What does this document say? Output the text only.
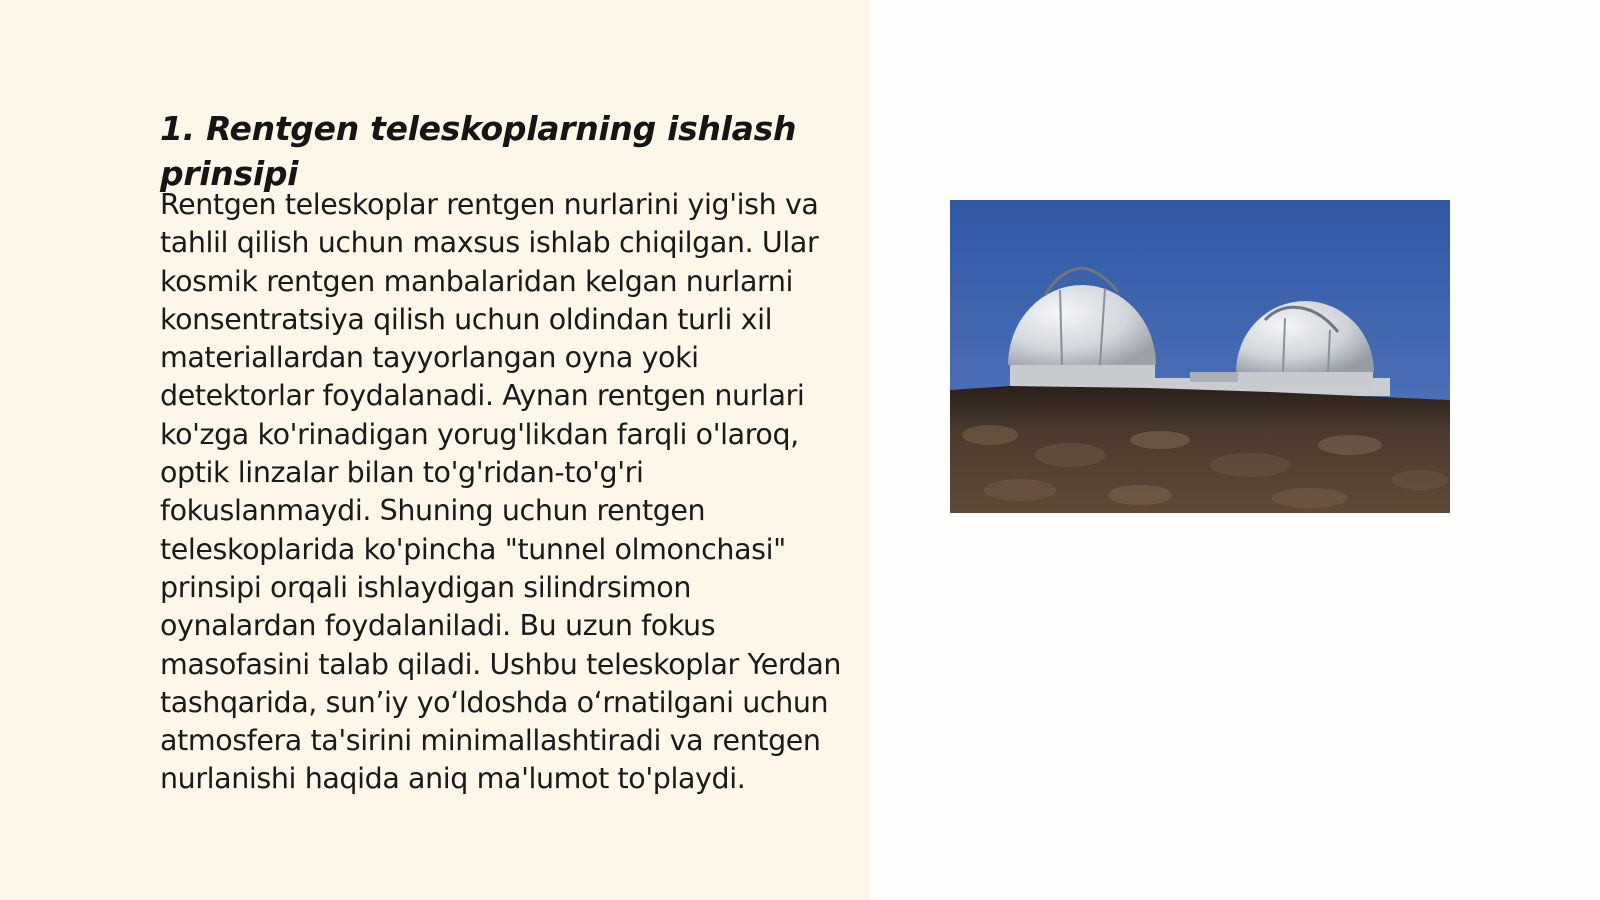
1. Rentgen teleskoplarning ishlash prinsipi

Rentgen teleskoplar rentgen nurlarini yig'ish va tahlil qilish uchun maxsus ishlab chiqilgan. Ular kosmik rentgen manbalaridan kelgan nurlarni konsentratsiya qilish uchun oldindan turli xil materiallardan tayyorlangan oyna yoki detektorlar foydalanadi. Aynan rentgen nurlari ko'zga ko'rinadigan yorug'likdan farqli o'laroq, optik linzalar bilan to'g'ridan-to'g'ri fokuslanmaydi. Shuning uchun rentgen teleskoplarida ko'pincha "tunnel olmonchasi" prinsipi orqali ishlaydigan silindrsimon oynalardan foydalaniladi. Bu uzun fokus masofasini talab qiladi. Ushbu teleskoplar Yerdan tashqarida, sun’iy yo‘ldoshda o‘rnatilgani uchun atmosfera ta'sirini minimallashtiradi va rentgen nurlanishi haqida aniq ma'lumot to'playdi.
